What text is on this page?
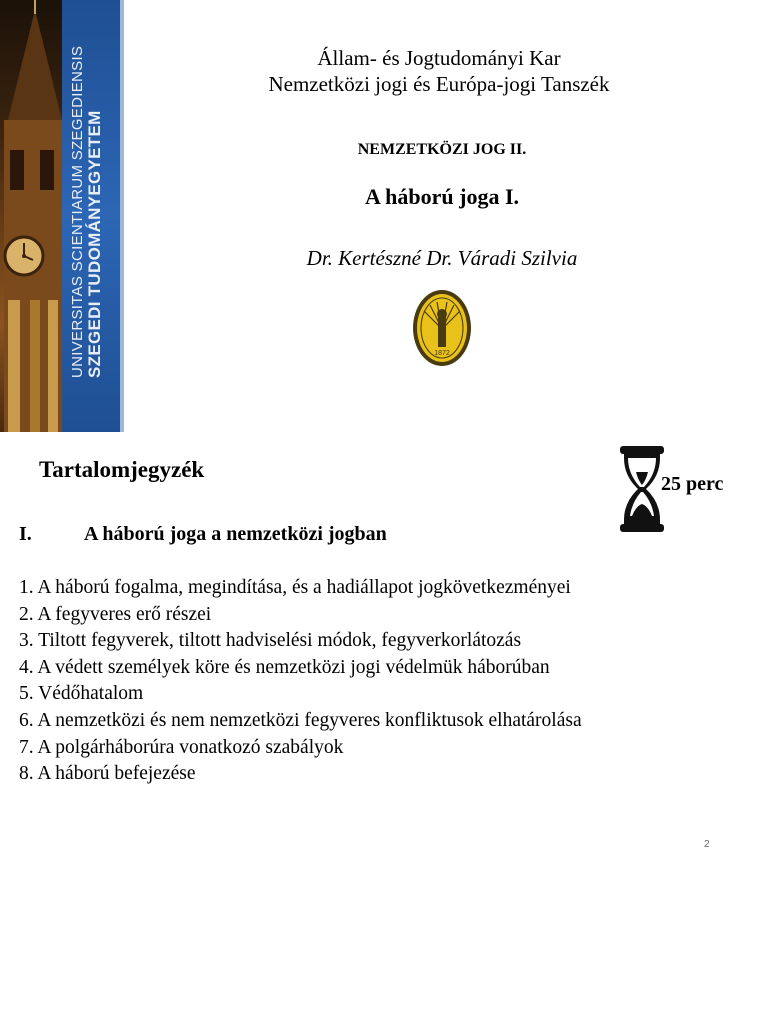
UNIVERSITAS SCIENTIARUM SZEGEDIENSIS
SZEGEDI TUDOMÁNYEGYETEM
Állam- és Jogtudományi Kar
Nemzetközi jogi és Európa-jogi Tanszék
NEMZETKÖZI JOG II.
A háború joga I.
Dr. Kertészné Dr. Váradi Szilvia
1872
Tartalomjegyzék
25 perc
I.	A háború joga a nemzetközi jogban
1. A háború fogalma, megindítása, és a hadiállapot jogkövetkezményei
2. A fegyveres erő részei
3. Tiltott fegyverek, tiltott hadviselési módok, fegyverkorlátozás
4. A védett személyek köre és nemzetközi jogi védelmük háborúban
5. Védőhatalom
6. A nemzetközi és nem nemzetközi fegyveres konfliktusok elhatárolása
7. A polgárháborúra vonatkozó szabályok
8. A háború befejezése
2
